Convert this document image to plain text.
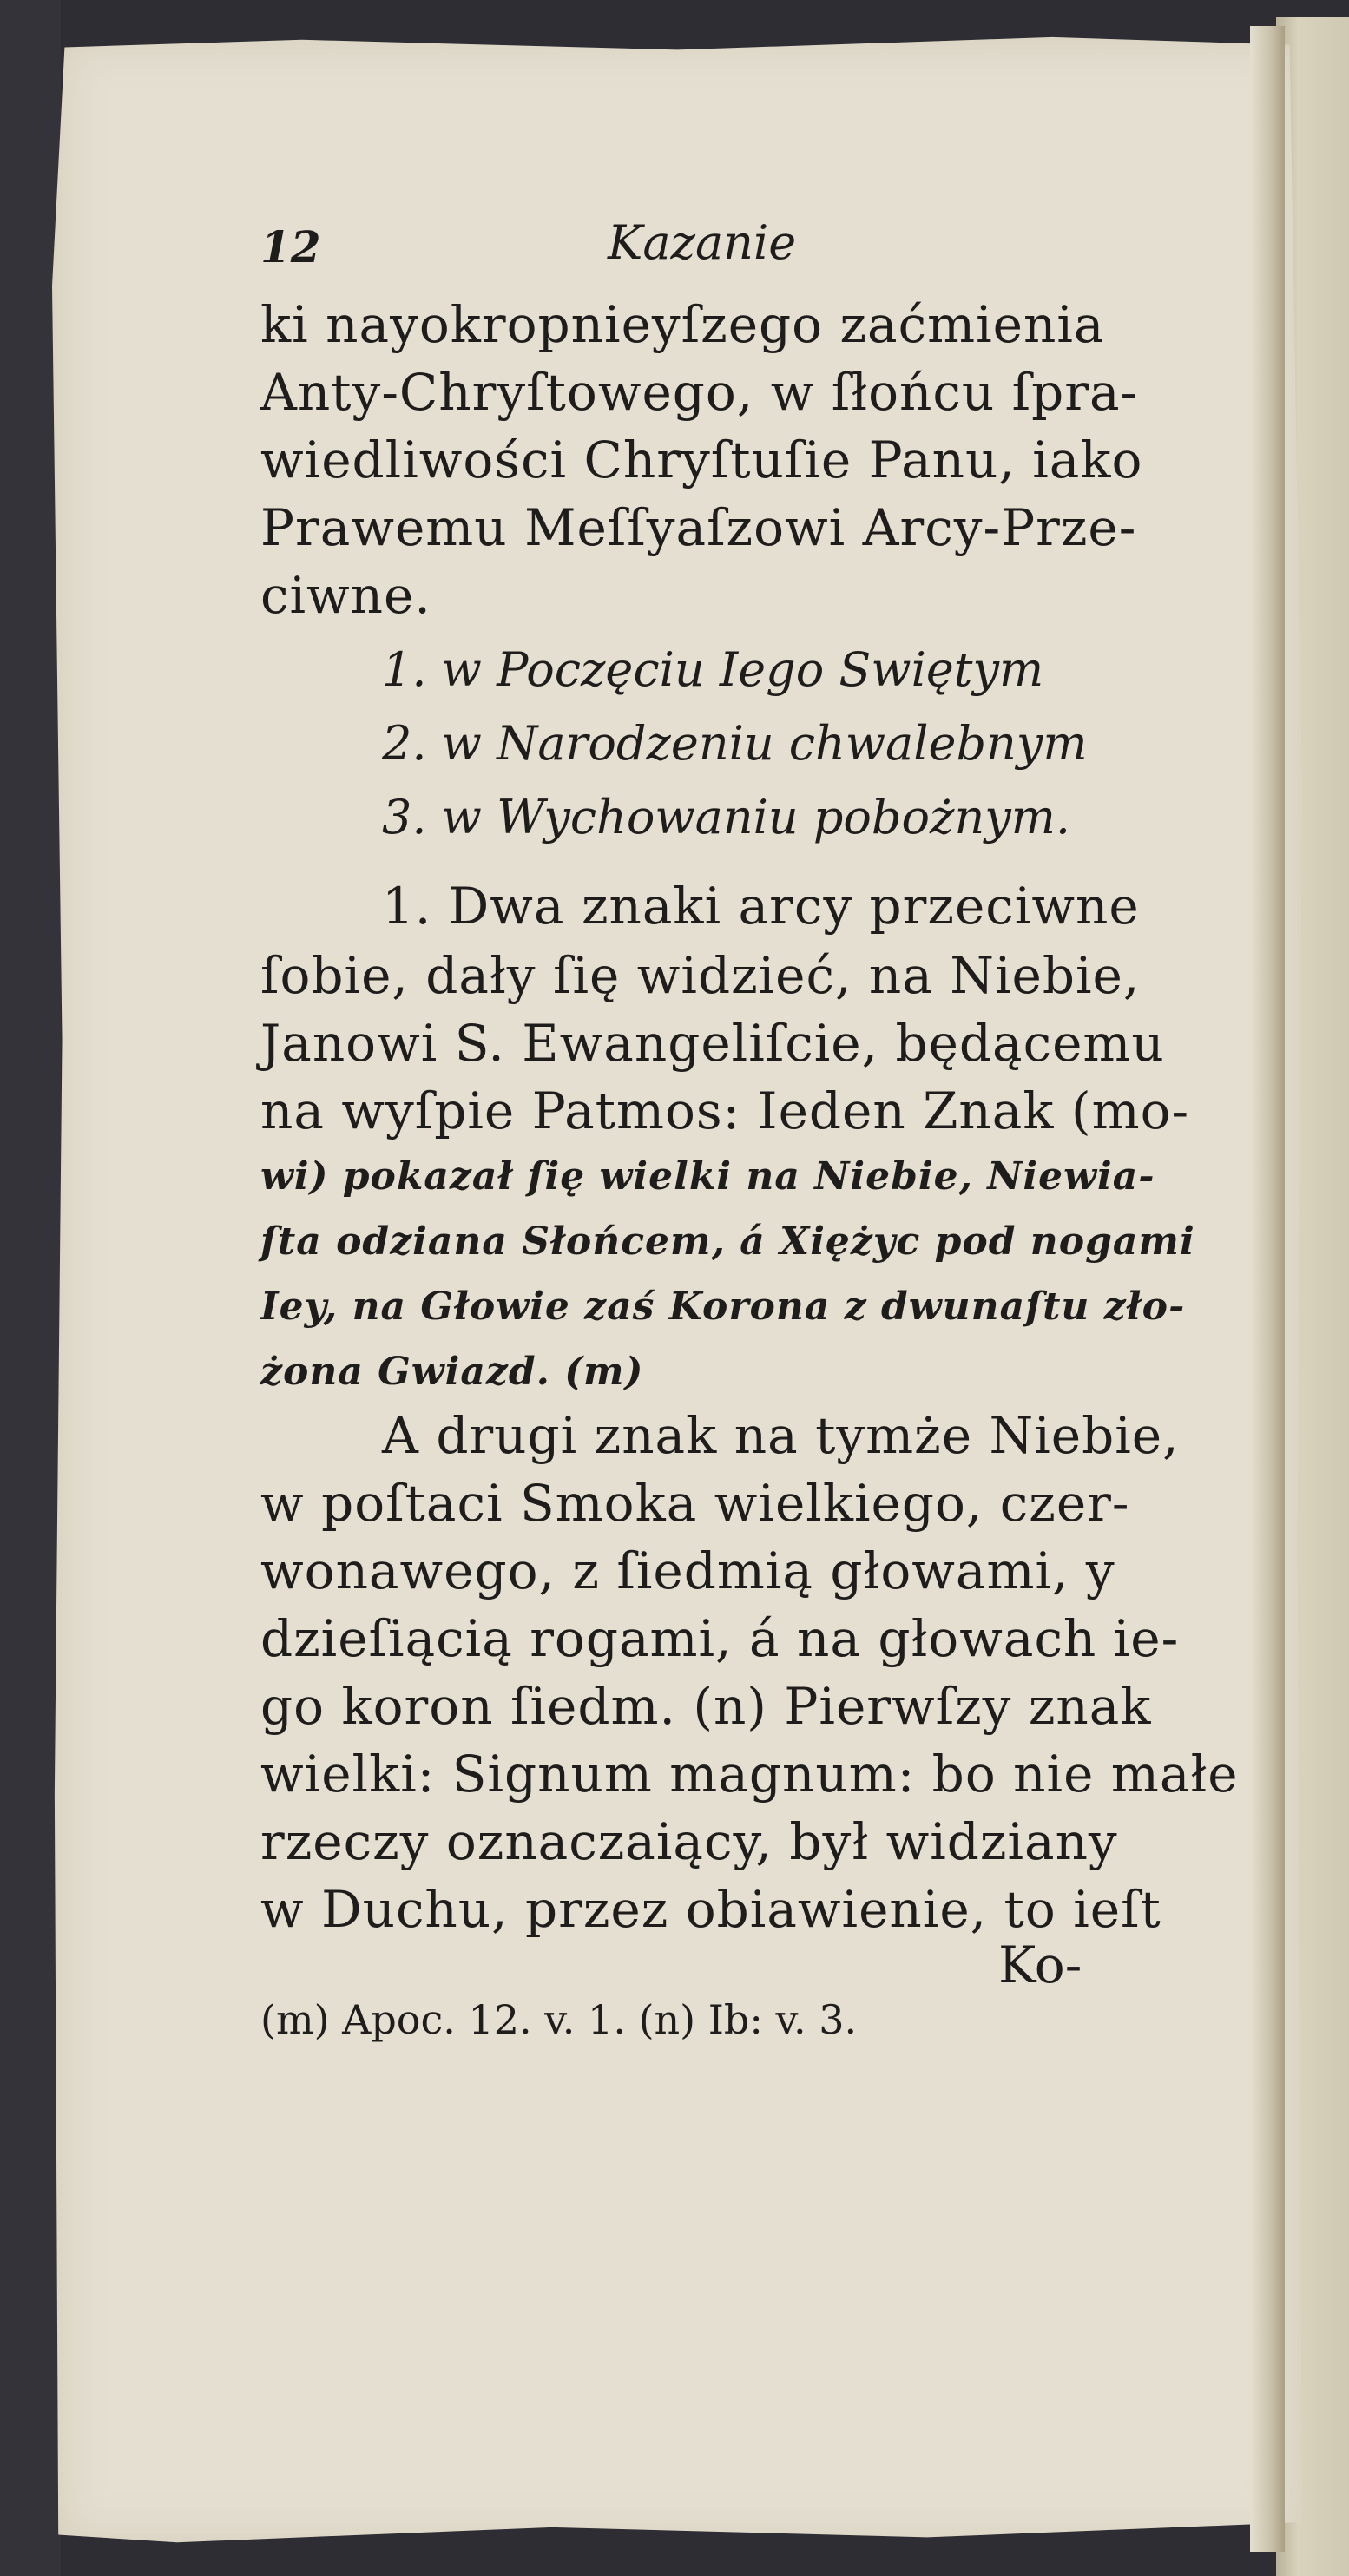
12	Kazanie
ki nayokropnieyſzego zaćmienia
Anty-Chryſtowego, w ſłońcu ſpra-
wiedliwości Chryſtuſie Panu, iako
Prawemu Meſſyaſzowi Arcy-Prze-
ciwne.
1. w Poczęciu Iego Swiętym
2. w Narodzeniu chwalebnym
3. w Wychowaniu pobożnym.
1. Dwa znaki arcy przeciwne
ſobie, dały ſię widzieć, na Niebie,
Janowi S. Ewangeliſcie, będącemu
na wyſpie Patmos: Ieden Znak (mo-
wi) pokazał ſię wielki na Niebie, Niewia-
ſta odziana Słońcem, á Xiężyc pod nogami
Iey, na Głowie zaś Korona z dwunaſtu zło-
żona Gwiazd. (m)
A drugi znak na tymże Niebie,
w poſtaci Smoka wielkiego, czer-
wonawego, z ſiedmią głowami, y
dzieſiącią rogami, á na głowach ie-
go koron ſiedm. (n) Pierwſzy znak
wielki: Signum magnum: bo nie małe
rzeczy oznaczaiący, był widziany
w Duchu, przez obiawienie, to ieſt
Ko-
(m) Apoc. 12. v. 1. (n) Ib: v. 3.
